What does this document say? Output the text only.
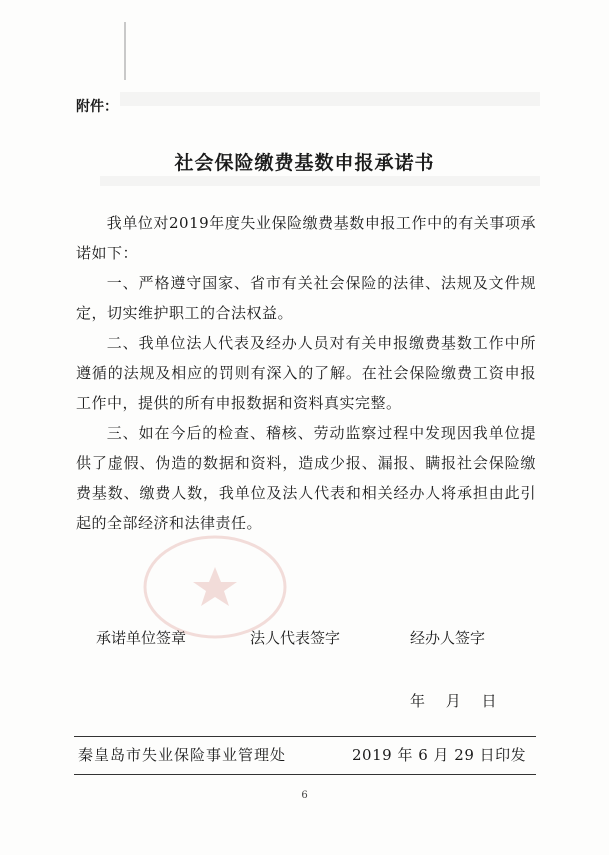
附件：
社会保险缴费基数申报承诺书

我单位对2019年度失业保险缴费基数申报工作中的有关事项承诺如下：

一、严格遵守国家、省市有关社会保险的法律、法规及文件规定，切实维护职工的合法权益。

二、我单位法人代表及经办人员对有关申报缴费基数工作中所遵循的法规及相应的罚则有深入的了解。在社会保险缴费工资申报工作中，提供的所有申报数据和资料真实完整。

三、如在今后的检查、稽核、劳动监察过程中发现因我单位提供了虚假、伪造的数据和资料，造成少报、漏报、瞒报社会保险缴费基数、缴费人数，我单位及法人代表和相关经办人将承担由此引起的全部经济和法律责任。

承诺单位签章	法人代表签字	经办人签字
年 月 日
秦皇岛市失业保险事业管理处	2019 年 6 月 29 日印发
6
